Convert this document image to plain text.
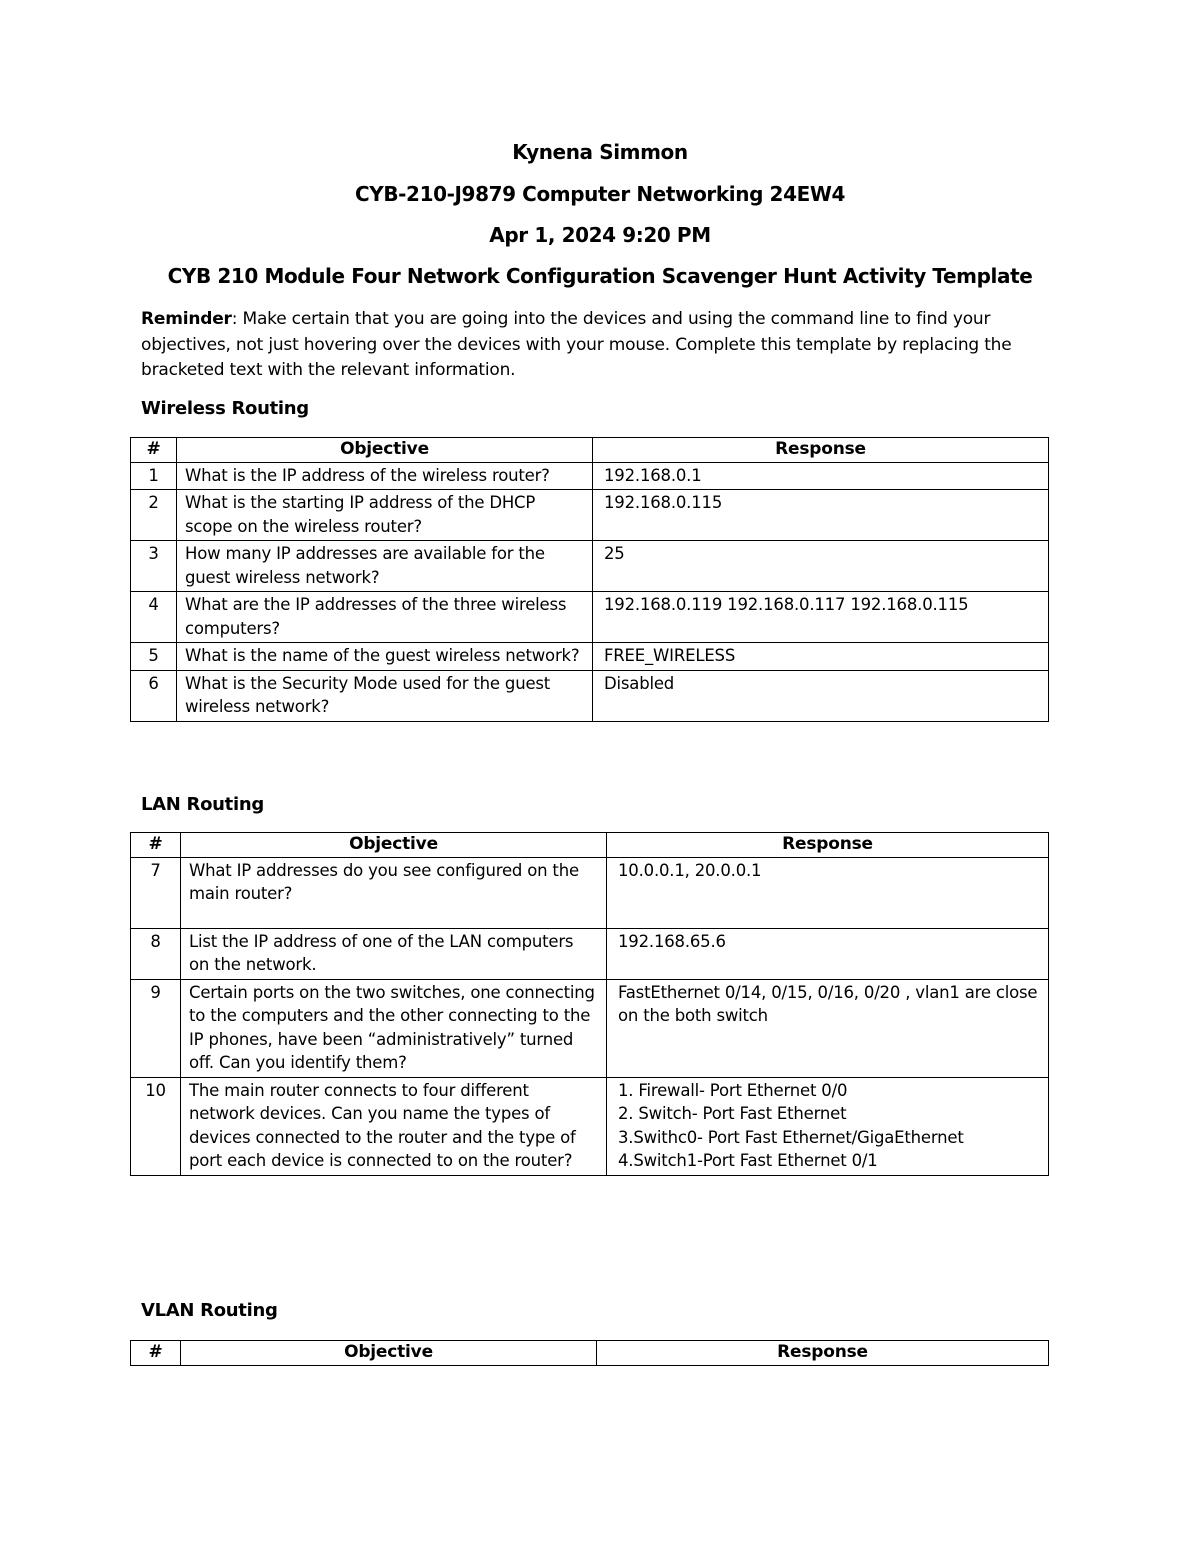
Kynena Simmon
CYB-210-J9879 Computer Networking 24EW4
Apr 1, 2024 9:20 PM
CYB 210 Module Four Network Configuration Scavenger Hunt Activity Template
Reminder: Make certain that you are going into the devices and using the command line to find your objectives, not just hovering over the devices with your mouse. Complete this template by replacing the bracketed text with the relevant information.
Wireless Routing
#	Objective	Response
1	What is the IP address of the wireless router?	192.168.0.1
2	What is the starting IP address of the DHCP scope on the wireless router?	192.168.0.115
3	How many IP addresses are available for the guest wireless network?	25
4	What are the IP addresses of the three wireless computers?	192.168.0.119 192.168.0.117 192.168.0.115
5	What is the name of the guest wireless network?	FREE_WIRELESS
6	What is the Security Mode used for the guest wireless network?	Disabled
LAN Routing
#	Objective	Response
7	What IP addresses do you see configured on the main router?	10.0.0.1, 20.0.0.1
8	List the IP address of one of the LAN computers on the network.	192.168.65.6
9	Certain ports on the two switches, one connecting to the computers and the other connecting to the IP phones, have been “administratively” turned off. Can you identify them?	FastEthernet 0/14, 0/15, 0/16, 0/20 , vlan1 are close on the both switch
10	The main router connects to four different network devices. Can you name the types of devices connected to the router and the type of port each device is connected to on the router?	1. Firewall- Port Ethernet 0/0
2. Switch- Port Fast Ethernet
3.Swithc0- Port Fast Ethernet/GigaEthernet
4.Switch1-Port Fast Ethernet 0/1
VLAN Routing
#	Objective	Response
